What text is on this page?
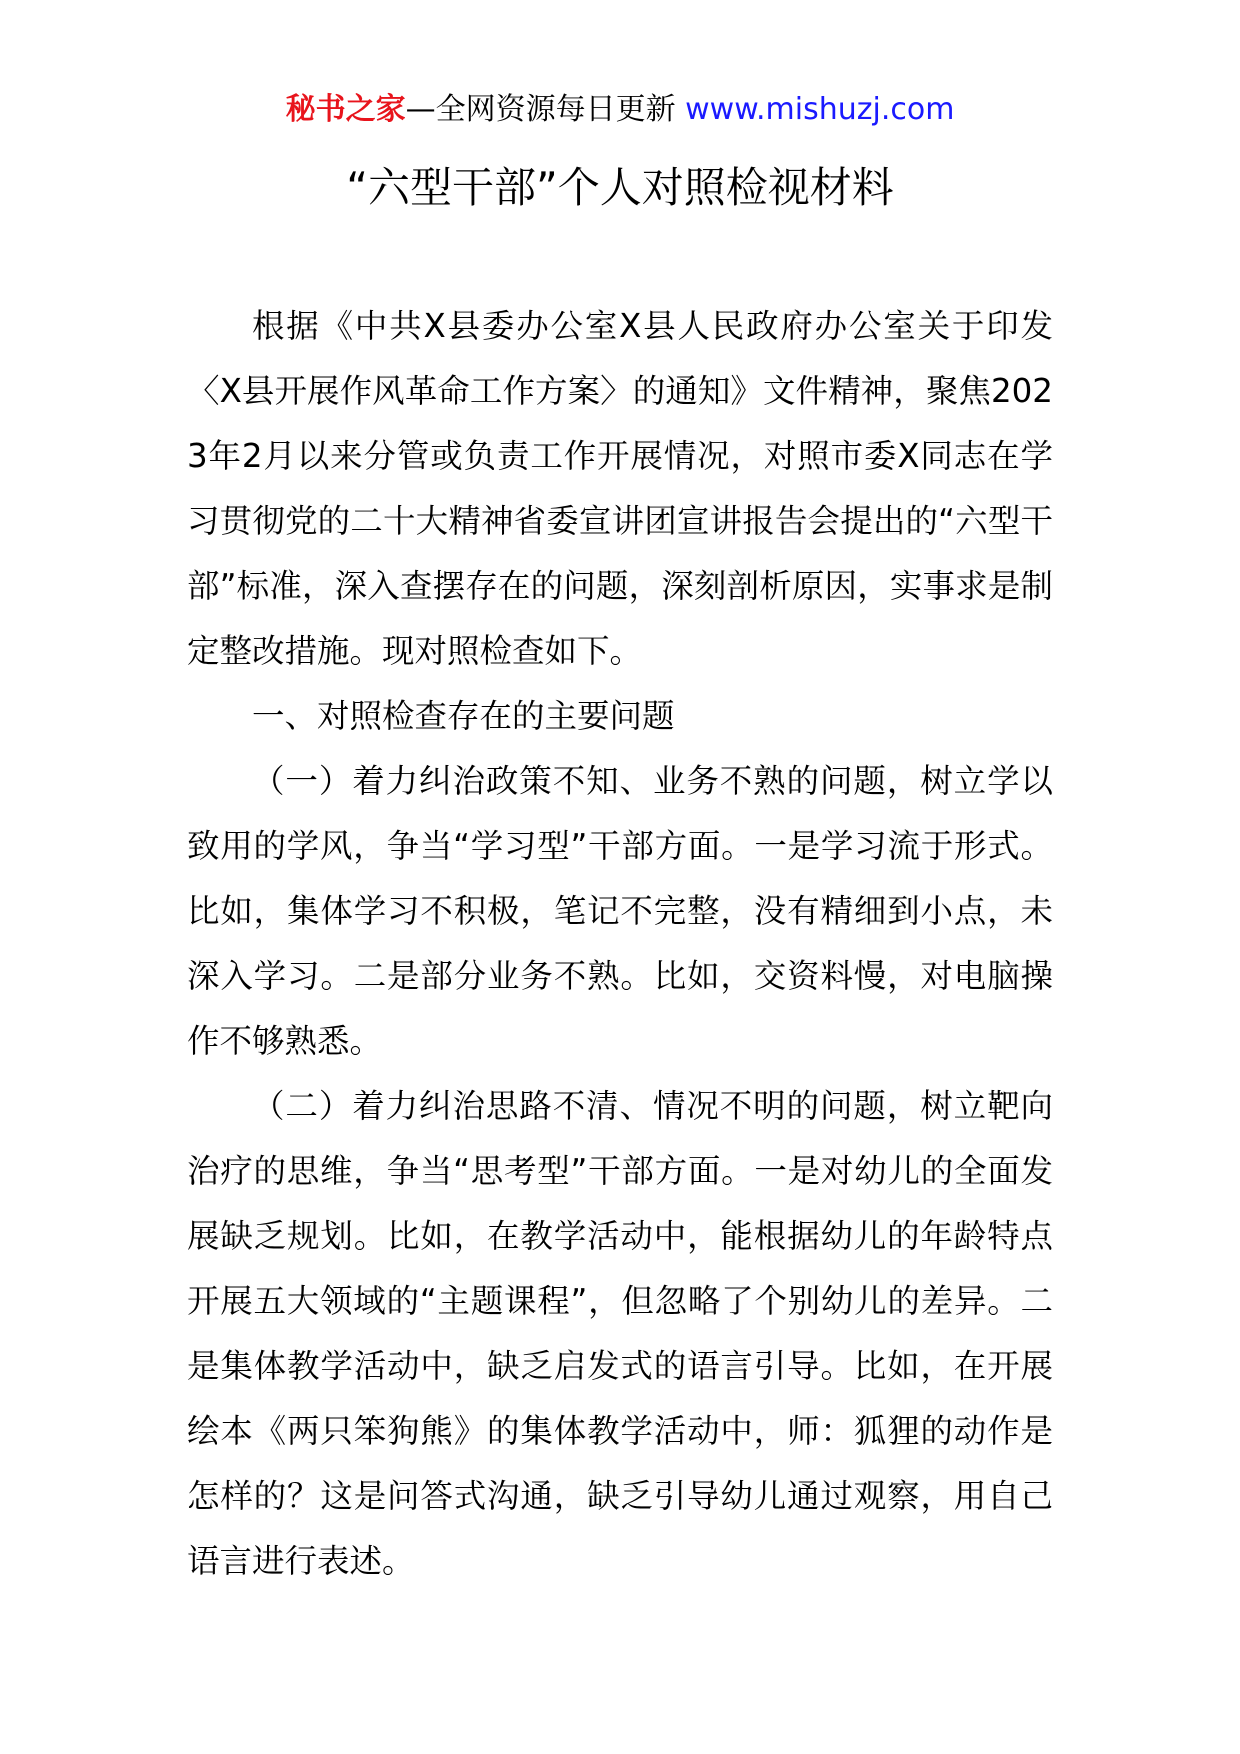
秘书之家—全网资源每日更新 www.mishuzj.com
“六型干部”个人对照检视材料

根据《中共X县委办公室X县人民政府办公室关于印发〈X县开展作风革命工作方案〉的通知》文件精神，聚焦2023年2月以来分管或负责工作开展情况，对照市委X同志在学习贯彻党的二十大精神省委宣讲团宣讲报告会提出的“六型干部”标准，深入查摆存在的问题，深刻剖析原因，实事求是制定整改措施。现对照检查如下。

一、对照检查存在的主要问题

（一）着力纠治政策不知、业务不熟的问题，树立学以致用的学风，争当“学习型”干部方面。一是学习流于形式。比如，集体学习不积极，笔记不完整，没有精细到小点，未深入学习。二是部分业务不熟。比如，交资料慢，对电脑操作不够熟悉。

（二）着力纠治思路不清、情况不明的问题，树立靶向治疗的思维，争当“思考型”干部方面。一是对幼儿的全面发展缺乏规划。比如，在教学活动中，能根据幼儿的年龄特点开展五大领域的“主题课程”，但忽略了个别幼儿的差异。二是集体教学活动中，缺乏启发式的语言引导。比如，在开展绘本《两只笨狗熊》的集体教学活动中，师：狐狸的动作是怎样的？这是问答式沟通，缺乏引导幼儿通过观察，用自己语言进行表述。
